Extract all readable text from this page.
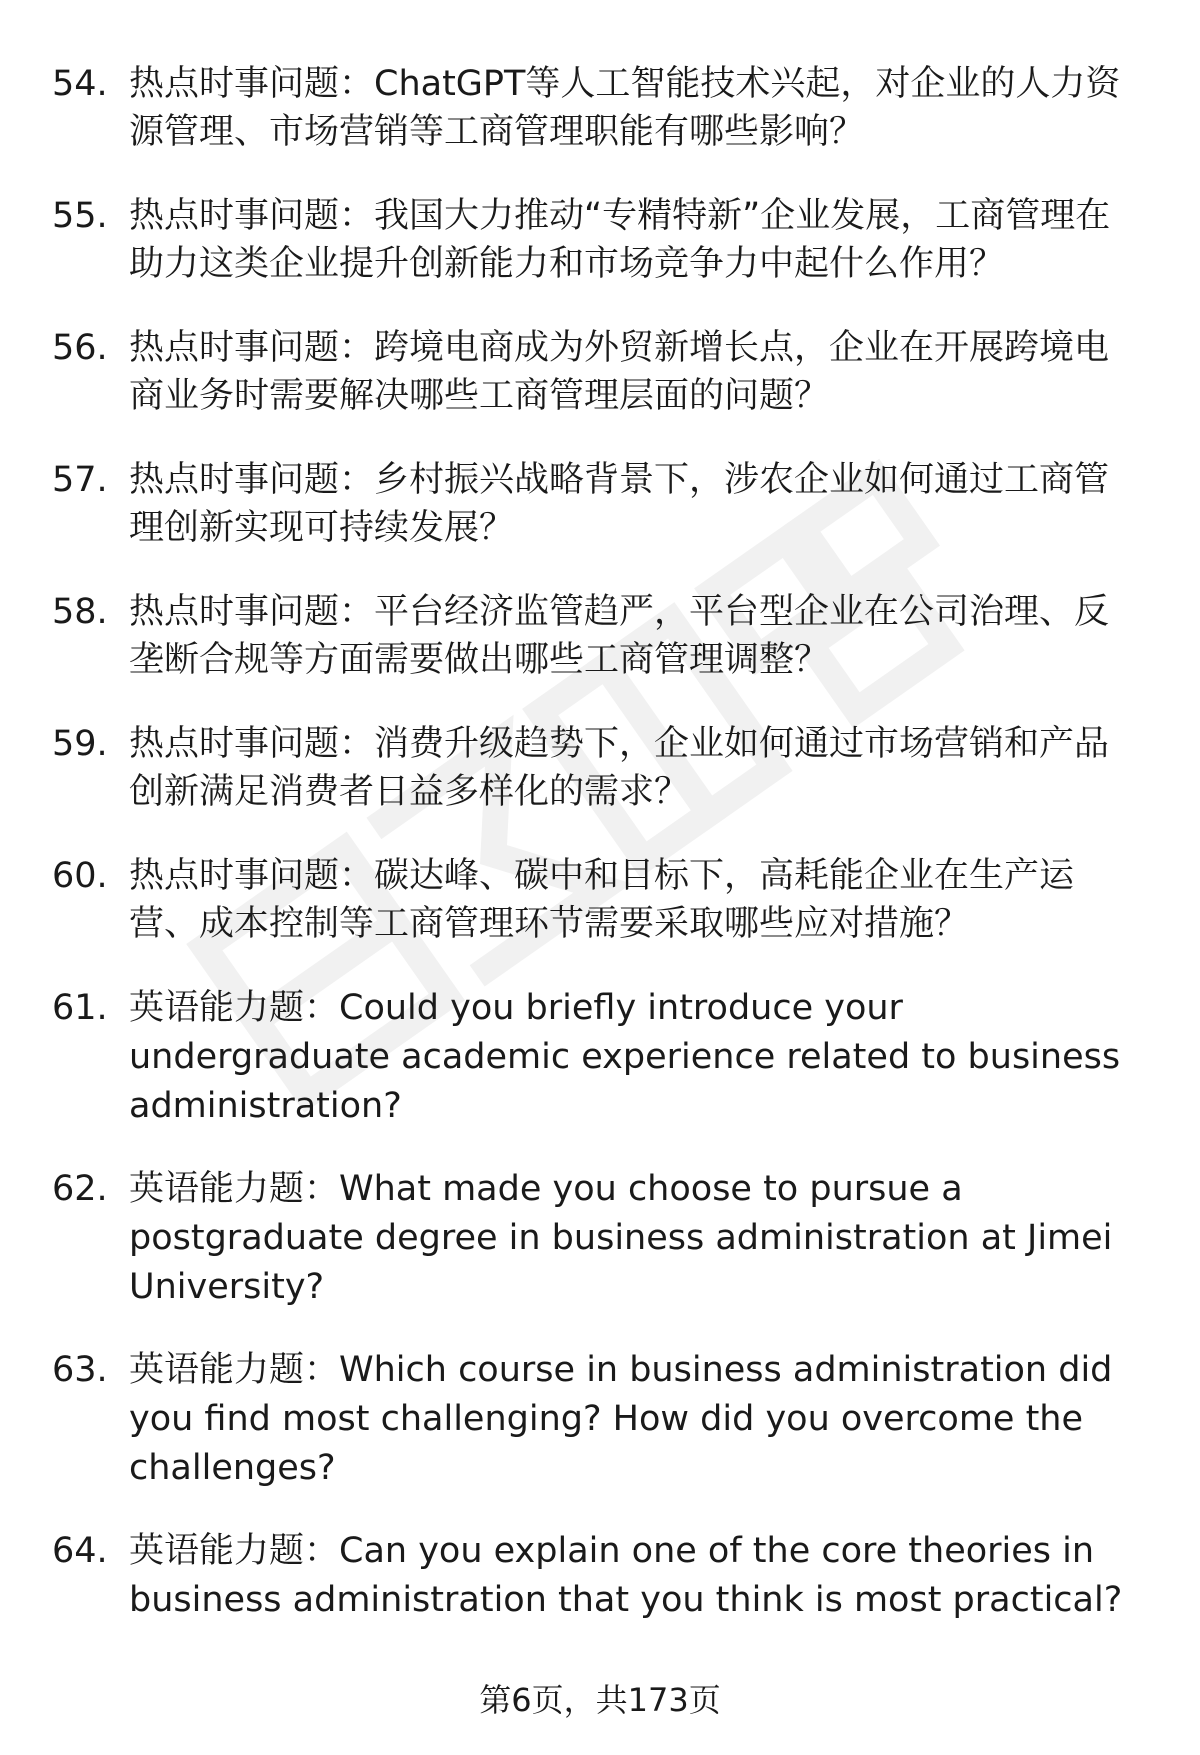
54. 热点时事问题：ChatGPT等人工智能技术兴起，对企业的人力资源管理、市场营销等工商管理职能有哪些影响？
55. 热点时事问题：我国大力推动“专精特新”企业发展，工商管理在助力这类企业提升创新能力和市场竞争力中起什么作用？
56. 热点时事问题：跨境电商成为外贸新增长点，企业在开展跨境电商业务时需要解决哪些工商管理层面的问题？
57. 热点时事问题：乡村振兴战略背景下，涉农企业如何通过工商管理创新实现可持续发展？
58. 热点时事问题：平台经济监管趋严，平台型企业在公司治理、反垄断合规等方面需要做出哪些工商管理调整？
59. 热点时事问题：消费升级趋势下，企业如何通过市场营销和产品创新满足消费者日益多样化的需求？
60. 热点时事问题：碳达峰、碳中和目标下，高耗能企业在生产运营、成本控制等工商管理环节需要采取哪些应对措施？
61. 英语能力题：Could you briefly introduce your undergraduate academic experience related to business administration?
62. 英语能力题：What made you choose to pursue a postgraduate degree in business administration at Jimei University?
63. 英语能力题：Which course in business administration did you find most challenging? How did you overcome the challenges?
64. 英语能力题：Can you explain one of the core theories in business administration that you think is most practical?
第6页，共173页
